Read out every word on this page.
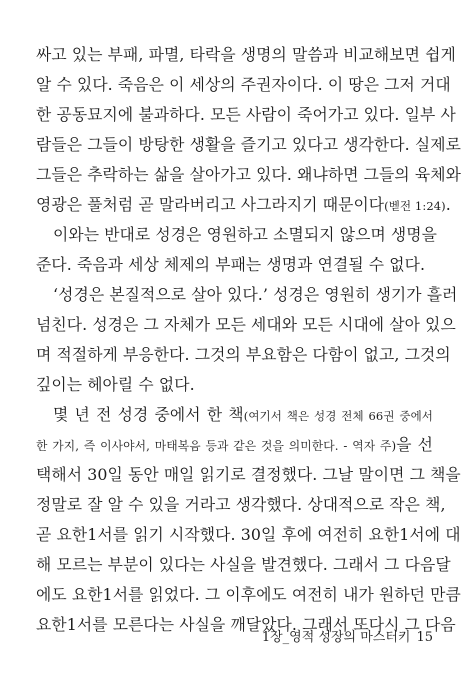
싸고 있는 부패, 파멸, 타락을 생명의 말씀과 비교해보면 쉽게
알 수 있다. 죽음은 이 세상의 주권자이다. 이 땅은 그저 거대
한 공동묘지에 불과하다. 모든 사람이 죽어가고 있다. 일부 사
람들은 그들이 방탕한 생활을 즐기고 있다고 생각한다. 실제로
그들은 추락하는 삶을 살아가고 있다. 왜냐하면 그들의 육체와
영광은 풀처럼 곧 말라버리고 사그라지기 때문이다(벧전 1:24).
이와는 반대로 성경은 영원하고 소멸되지 않으며 생명을
준다. 죽음과 세상 체제의 부패는 생명과 연결될 수 없다.
‘성경은 본질적으로 살아 있다.’ 성경은 영원히 생기가 흘러
넘친다. 성경은 그 자체가 모든 세대와 모든 시대에 살아 있으
며 적절하게 부응한다. 그것의 부요함은 다함이 없고, 그것의
깊이는 헤아릴 수 없다.
몇 년 전 성경 중에서 한 책(여기서 책은 성경 전체 66권 중에서
한 가지, 즉 이사야서, 마태복음 등과 같은 것을 의미한다. - 역자 주)을 선
택해서 30일 동안 매일 읽기로 결정했다. 그날 말이면 그 책을
정말로 잘 알 수 있을 거라고 생각했다. 상대적으로 작은 책,
곧 요한1서를 읽기 시작했다. 30일 후에 여전히 요한1서에 대
해 모르는 부분이 있다는 사실을 발견했다. 그래서 그 다음달
에도 요한1서를 읽었다. 그 이후에도 여전히 내가 원하던 만큼
요한1서를 모른다는 사실을 깨달았다. 그래서 또다시 그 다음
1장_영적 성장의 마스터키 15
